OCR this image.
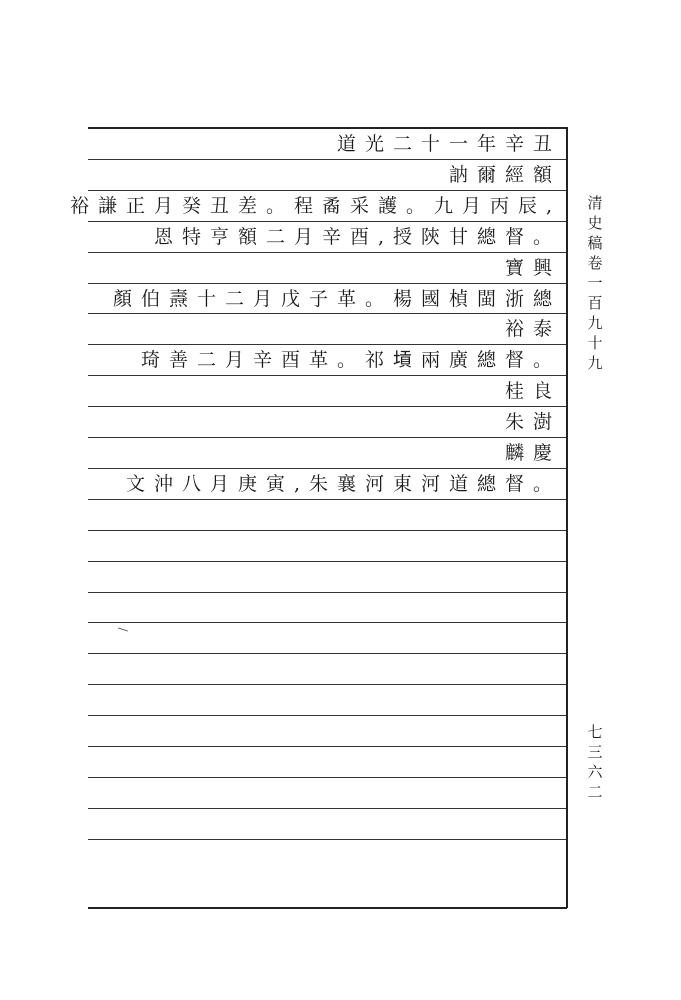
道光二十一年辛丑
訥爾經額
裕謙正月癸丑差。程矞采護。九月丙辰,
恩特亨額二月辛酉,授陝甘總督。
寶興
顏伯燾十二月戊子革。楊國楨閩浙總
裕泰
琦善二月辛酉革。祁𡎴兩廣總督。
桂良
朱澍
麟慶
文沖八月庚寅,朱襄河東河道總督。
清史稿卷一百九十九
七三六二
